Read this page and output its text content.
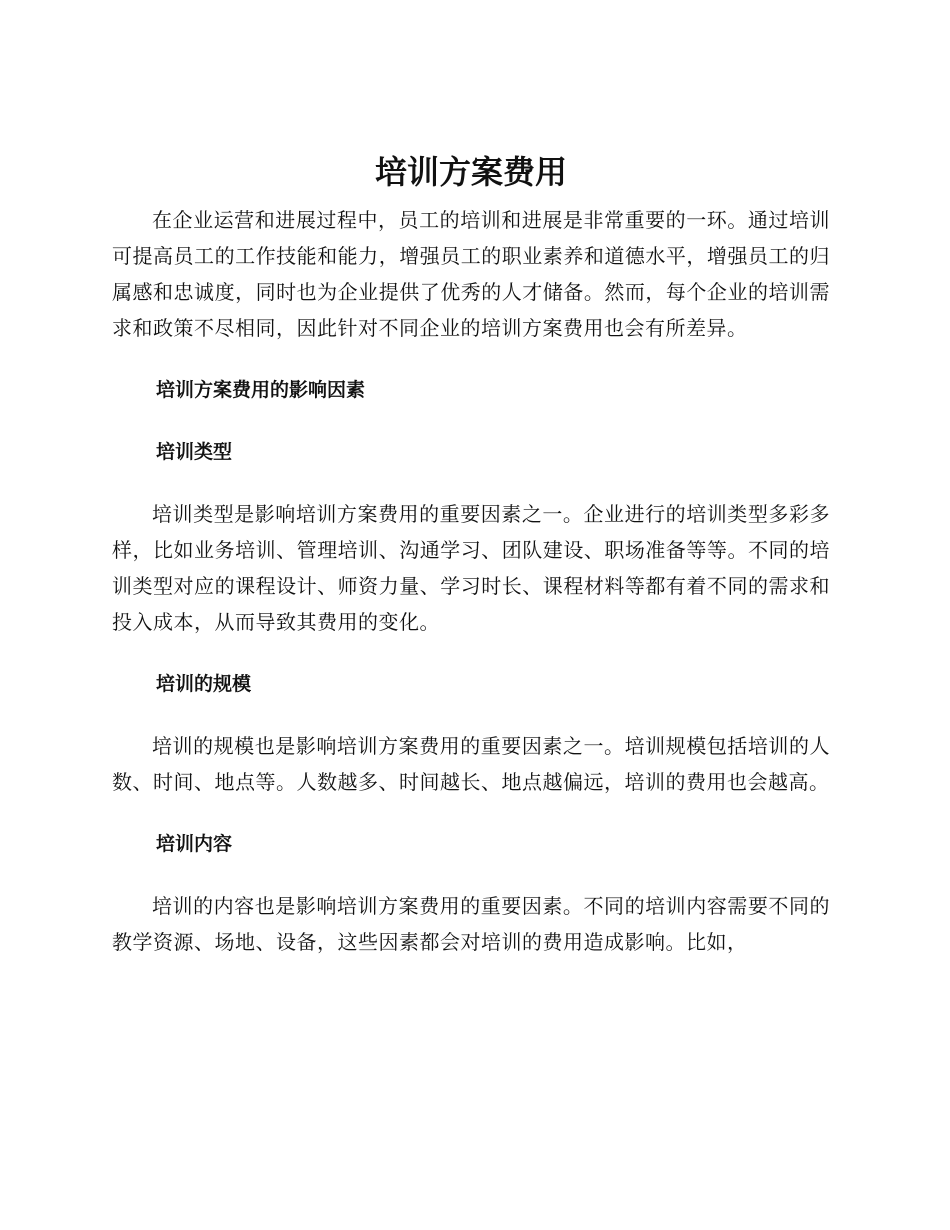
培训方案费用

在企业运营和进展过程中，员工的培训和进展是非常重要的一环。通过培训可提高员工的工作技能和能力，增强员工的职业素养和道德水平，增强员工的归属感和忠诚度，同时也为企业提供了优秀的人才储备。然而，每个企业的培训需求和政策不尽相同，因此针对不同企业的培训方案费用也会有所差异。

培训方案费用的影响因素
培训类型

培训类型是影响培训方案费用的重要因素之一。企业进行的培训类型多彩多样，比如业务培训、管理培训、沟通学习、团队建设、职场准备等等。不同的培训类型对应的课程设计、师资力量、学习时长、课程材料等都有着不同的需求和投入成本，从而导致其费用的变化。

培训的规模

培训的规模也是影响培训方案费用的重要因素之一。培训规模包括培训的人数、时间、地点等。人数越多、时间越长、地点越偏远，培训的费用也会越高。

培训内容

培训的内容也是影响培训方案费用的重要因素。不同的培训内容需要不同的教学资源、场地、设备，这些因素都会对培训的费用造成影响。比如，
